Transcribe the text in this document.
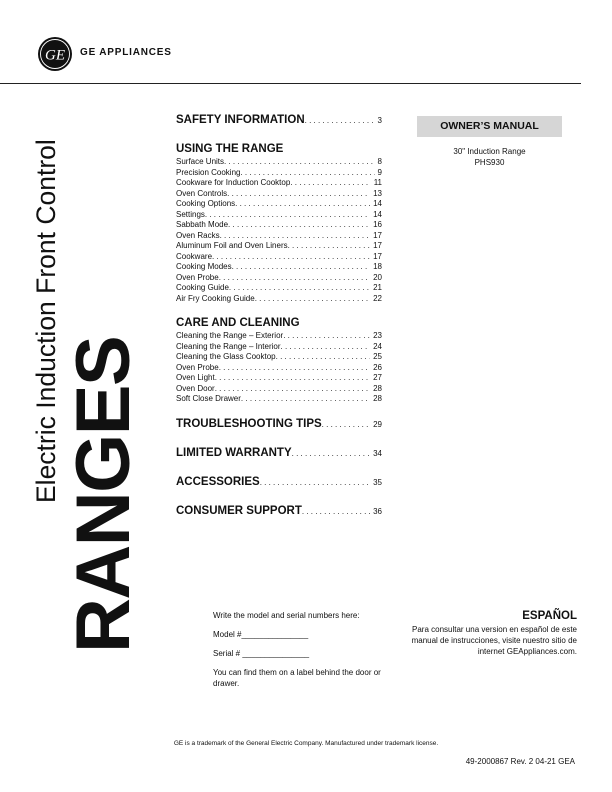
GE GE APPLIANCES
Electric Induction Front Control RANGES
SAFETY INFORMATION . . .	3
USING THE RANGE
Surface Units . . .	8
Precision Cooking . . .	9
Cookware for Induction Cooktop . . .	11
Oven Controls . . .	13
Cooking Options . . .	14
Settings . . .	14
Sabbath Mode . . .	16
Oven Racks . . .	17
Aluminum Foil and Oven Liners . . .	17
Cookware . . .	17
Cooking Modes . . .	18
Oven Probe . . .	20
Cooking Guide . . .	21
Air Fry Cooking Guide . . .	22
CARE AND CLEANING
Cleaning the Range – Exterior . . .	23
Cleaning the Range – Interior . . .	24
Cleaning the Glass Cooktop . . .	25
Oven Probe . . .	26
Oven Light . . .	27
Oven Door . . .	28
Soft Close Drawer . . .	28
TROUBLESHOOTING TIPS . . .	29
LIMITED WARRANTY . . .	34
ACCESSORIES . . .	35
CONSUMER SUPPORT . . .	36
OWNER’S MANUAL
30" Induction Range
PHS930

Write the model and serial numbers here:

Model #_______________

Serial # _______________

You can find them on a label behind the door or drawer.

ESPAÑOL
Para consultar una version en español de este manual de instrucciones, visite nuestro sitio de internet GEAppliances.com.
GE is a trademark of the General Electric Company. Manufactured under trademark license.
49-2000867 Rev. 2 04-21 GEA
